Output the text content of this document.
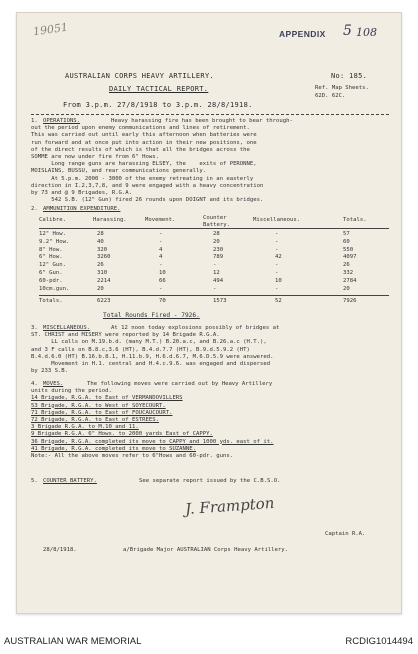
19051	APPENDIX 5 108
AUSTRALIAN CORPS HEAVY ARTILLERY.	No: 185.
DAILY TACTICAL REPORT.	Ref. Map Sheets.
62D. 62C.
From 3.p.m. 27/8/1918 to 3.p.m. 28/8/1918.
1. OPERATIONS.	Heavy harassing fire has been brought to bear through-
out the period upon enemy communications and lines of retirement.
This was carried out until early this afternoon when batteries were
run forward and at once put into action in their new positions, one
of the direct results of which is that all the bridges across the
SOMME are now under fire from 6" Hows.
Long range guns are harassing ELSEY, the    exits of PERONNE,
MOISLAINS, BUSSU, and rear communications generally.
At 5.p.m. 2000 - 3000 of the enemy retreating in an easterly
direction in I.2,3,7,8, and 9 were engaged with a heavy concentration
by 73 and @ 9 Brigades, R.G.A.
542 S.B. (12" Gun) fired 26 rounds upon DOIGNT and its bridges.
2. AMMUNITION EXPENDITURE.
Calibre.	Harassing.	Movement.	Counter
Battery.
Miscellaneous.	Totals.
12" How.	28	-	28	-	57
9.2" How.	40	-	20	-	60
8" How.	320	4	230	-	550
6" How.	3260	4	789	42	4097
12" Gun.	26	-	-	-	26
6" Gun.	310	10	12	-	332
60-pdr.	2214	66	494	10	2784
10cm.gun.	20	-	-	-	20
Totals.	6223	70	1573	52	7926
Total Rounds Fired - 7926.
3. MISCELLANEOUS.	At 12 noon today explosions possibly of bridges at
ST. CHRIST and MISERY were reported by 14 Brigade R.G.A.
LL calls on M.19.b.d. (many M.T.) B.20.a.c, and B.26.a.c (H.T.),
and 3 F calls on B.8.c,3.6 (HT), B.4.d.7.7 (HT), B.9.d.5.9.2 (HT)
B.4.d.6.0 (HT) B.16.b.8.1, H.11.b.9, H.6.d.6.7, M.6.D.5.9 were answered.
Movement in H.1. central and H.4.c.9.6. was engaged and dispersed
by 233 S.B.
4. MOVES.	The following moves were carried out by Heavy Artillery
units during the period.
14 Brigade, R.G.A. to East of VERMANDOVILLERS
53 Brigade, R.G.A. to West of SOYECOURT.
71 Brigade, R.G.A. to East of FOUCAUCOURT.
72 Brigade, R.G.A. to East of ESTREES.
3 Brigade R.G.A. to M.10 and 11.
9 Brigade R.G.A. 6" Hows. to 2000 yards East of CAPPY.
36 Brigade, R.G.A. completed its move to CAPPY and 1000 yds. east of it.
41 Brigade, R.G.A. completed its move to SUZANNE.
Note:- All the above moves refer to 6"Hows and 60-pdr. guns.
5. COUNTER BATTERY.	See separate report issued by the C.B.S.O.
J. Frampton
Captain R.A.
28/8/1918.	a/Brigade Major AUSTRALIAN Corps Heavy Artillery.
AUSTRALIAN WAR MEMORIAL	RCDIG1014494
